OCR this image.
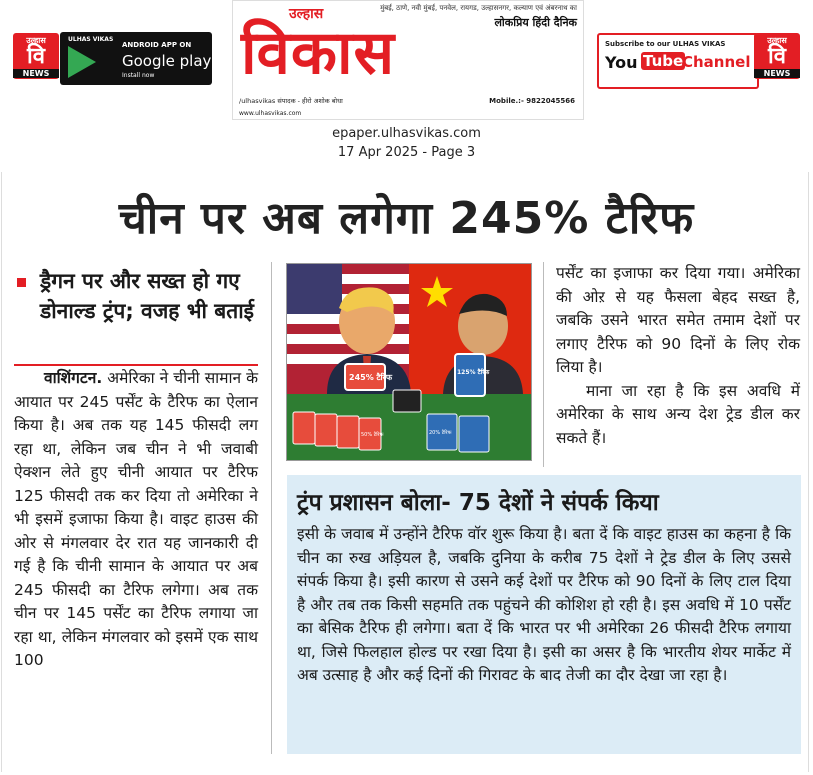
उल्हास
वि
NEWS
ULHAS VIKAS
ANDROID APP ON
Google play
Install now
उल्हास	मुंबई, ठाणे, नवी मुंबई, पनवेल, रायगड, उल्हासनगर, कल्याण एवं अंबरनाथ का
लोकप्रिय हिंदी दैनिक
विकास
Mobile.:- 9822045566
/ulhasvikas संपादक - हीरो अशोक बोधा
www.ulhasvikas.com
Subscribe to our ULHAS VIKAS
You Tube
Channel
उल्हास
वि
NEWS
epaper.ulhasvikas.com
17 Apr 2025 - Page 3
चीन पर अब लगेगा 245% टैरिफ
ड्रैगन पर और सख्त हो गए डोनाल्ड ट्रंप; वजह भी बताई

वाशिंगटन. अमेरिका ने चीनी सामान के आयात पर 245 पर्सेंट के टैरिफ का ऐलान किया है। अब तक यह 145 फीसदी लग रहा था, लेकिन जब चीन ने भी जवाबी ऐक्शन लेते हुए चीनी आयात पर टैरिफ 125 फीसदी तक कर दिया तो अमेरिका ने भी इसमें इजाफा किया है। वाइट हाउस की ओर से मंगलवार देर रात यह जानकारी दी गई है कि चीनी सामान के आयात पर अब 245 फीसदी का टैरिफ लगेगा। अब तक चीन पर 145 पर्सेंट का टैरिफ लगाया जा रहा था, लेकिन मंगलवार को इसमें एक साथ 100

245% टैरिफ
125% टैरिफ
50% टैरिफ	20% टैरिफ

पर्सेंट का इजाफा कर दिया गया। अमेरिका की ओऱ से यह फैसला बेहद सख्त है, जबकि उसने भारत समेत तमाम देशों पर लगाए टैरिफ को 90 दिनों के लिए रोक लिया है।

माना जा रहा है कि इस अवधि में अमेरिका के साथ अन्य देश ट्रेड डील कर सकते हैं।

ट्रंप प्रशासन बोला- 75 देशों ने संपर्क किया
इसी के जवाब में उन्होंने टैरिफ वॉर शुरू किया है। बता दें कि वाइट हाउस का कहना है कि चीन का रुख अड़ियल है, जबकि दुनिया के करीब 75 देशों ने ट्रेड डील के लिए उससे संपर्क किया है। इसी कारण से उसने कई देशों पर टैरिफ को 90 दिनों के लिए टाल दिया है और तब तक किसी सहमति तक पहुंचने की कोशिश हो रही है। इस अवधि में 10 पर्सेंट का बेसिक टैरिफ ही लगेगा। बता दें कि भारत पर भी अमेरिका 26 फीसदी टैरिफ लगाया था, जिसे फिलहाल होल्ड पर रखा दिया है। इसी का असर है कि भारतीय शेयर मार्केट में अब उत्साह है और कई दिनों की गिरावट के बाद तेजी का दौर देखा जा रहा है।
